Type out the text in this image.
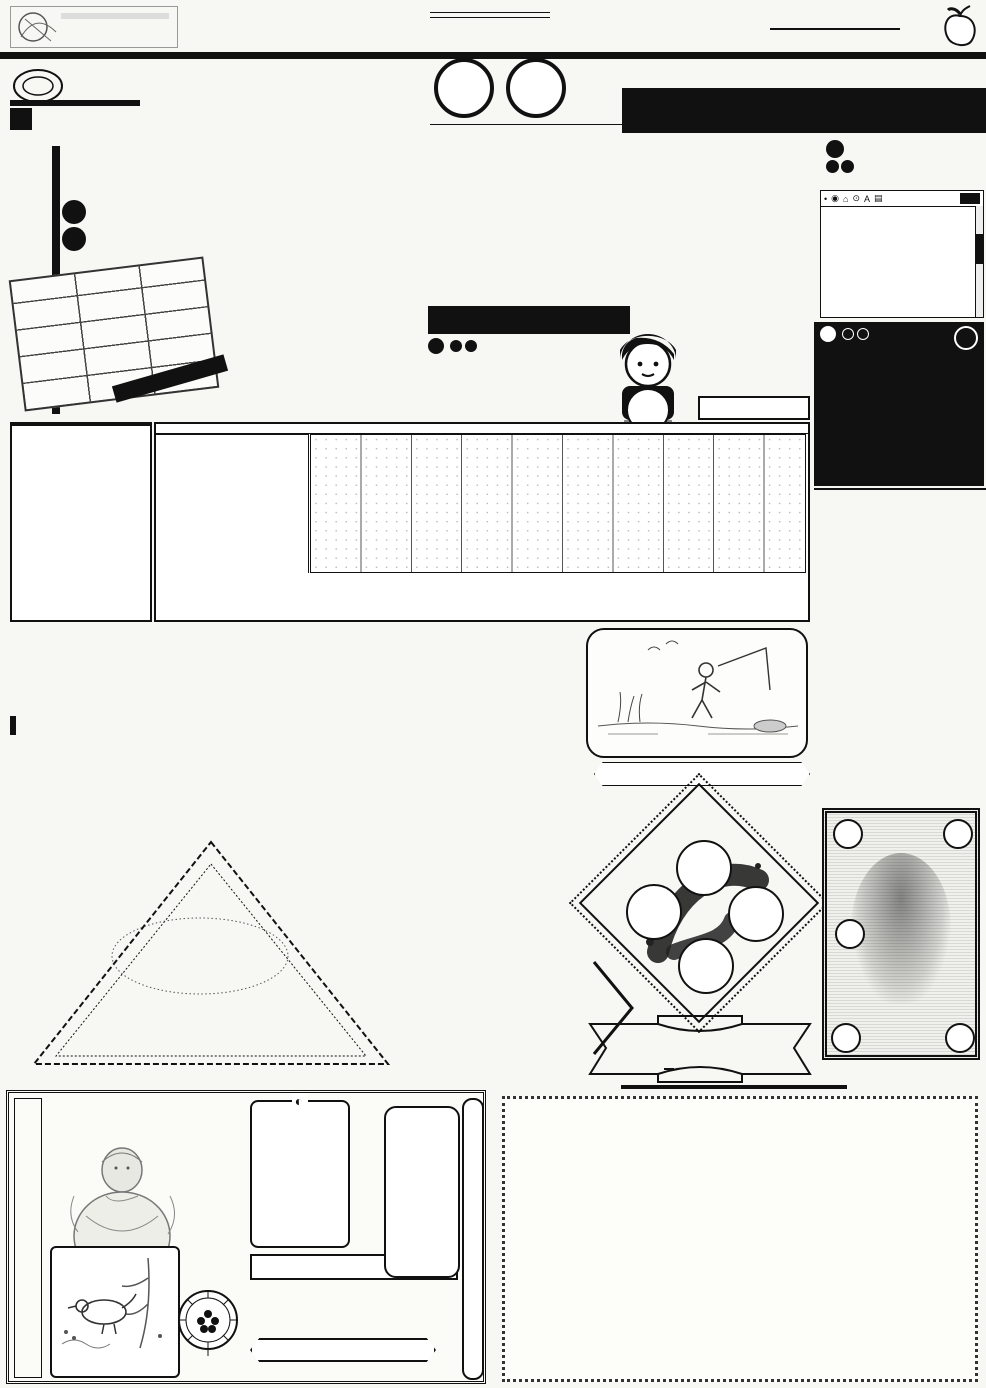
• ◉ ⌂ ⊙ A ▤

◐
